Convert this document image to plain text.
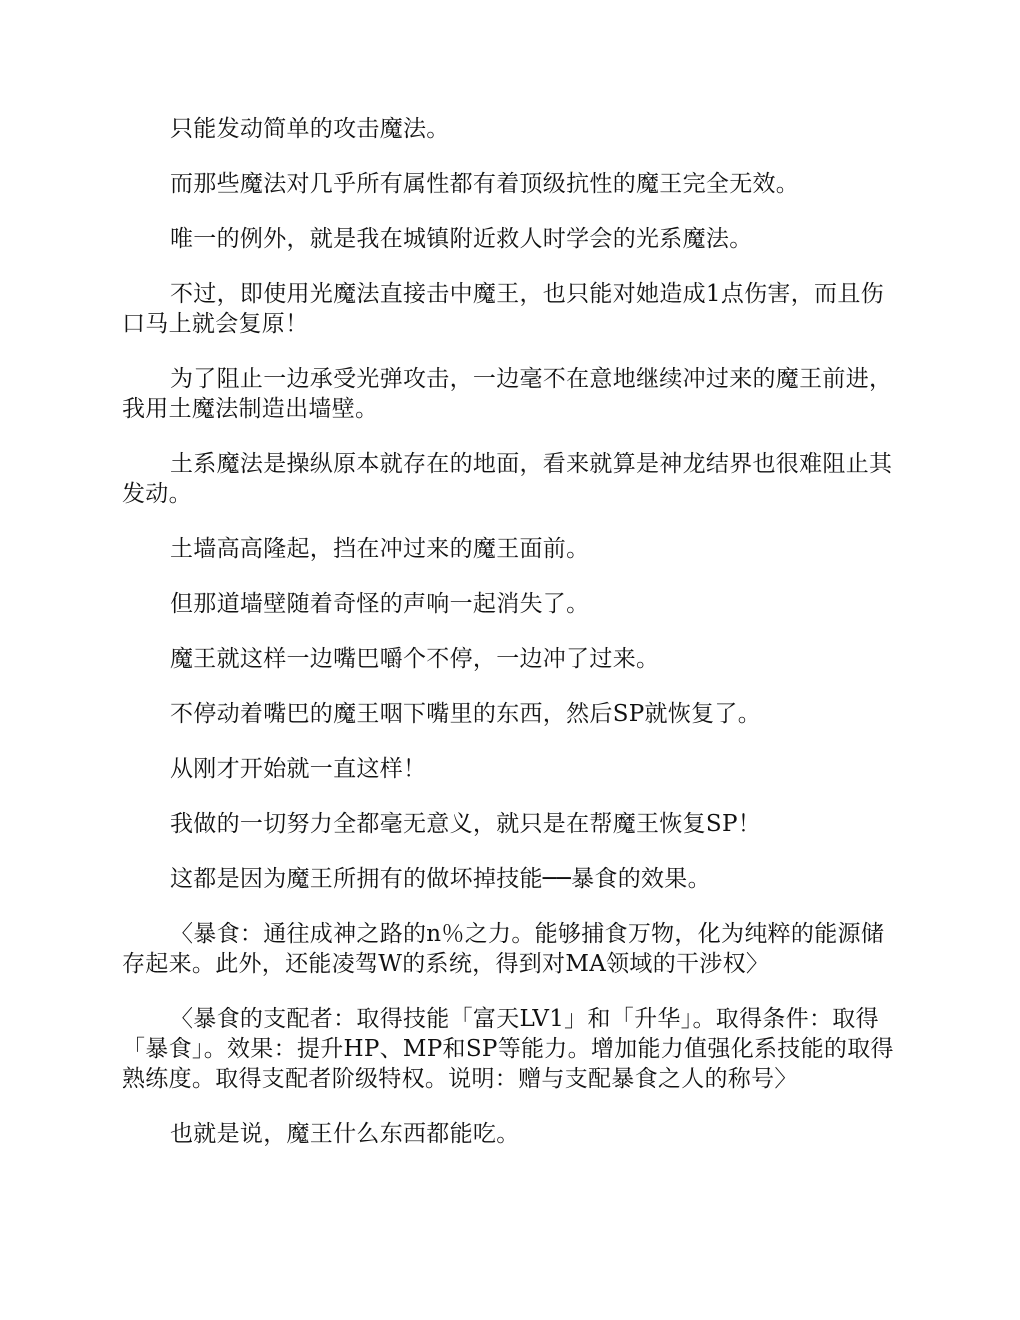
只能发动简单的攻击魔法。

而那些魔法对几乎所有属性都有着顶级抗性的魔王完全无效。

唯一的例外，就是我在城镇附近救人时学会的光系魔法。

不过，即使用光魔法直接击中魔王，也只能对她造成1点伤害，而且伤口马上就会复原！

为了阻止一边承受光弹攻击，一边毫不在意地继续冲过来的魔王前进，我用土魔法制造出墙壁。

土系魔法是操纵原本就存在的地面，看来就算是神龙结界也很难阻止其发动。

土墙高高隆起，挡在冲过来的魔王面前。

但那道墙壁随着奇怪的声响一起消失了。

魔王就这样一边嘴巴嚼个不停，一边冲了过来。

不停动着嘴巴的魔王咽下嘴里的东西，然后SP就恢复了。

从刚才开始就一直这样！

我做的一切努力全都毫无意义，就只是在帮魔王恢复SP！

这都是因为魔王所拥有的做坏掉技能──暴食的效果。

〈暴食：通往成神之路的n％之力。能够捕食万物，化为纯粹的能源储存起来。此外，还能凌驾W的系统，得到对MA领域的干涉权〉

〈暴食的支配者：取得技能「富天LV1」和「升华」。取得条件：取得「暴食」。效果：提升HP、MP和SP等能力。增加能力值强化系技能的取得熟练度。取得支配者阶级特权。说明：赠与支配暴食之人的称号〉

也就是说，魔王什么东西都能吃。
